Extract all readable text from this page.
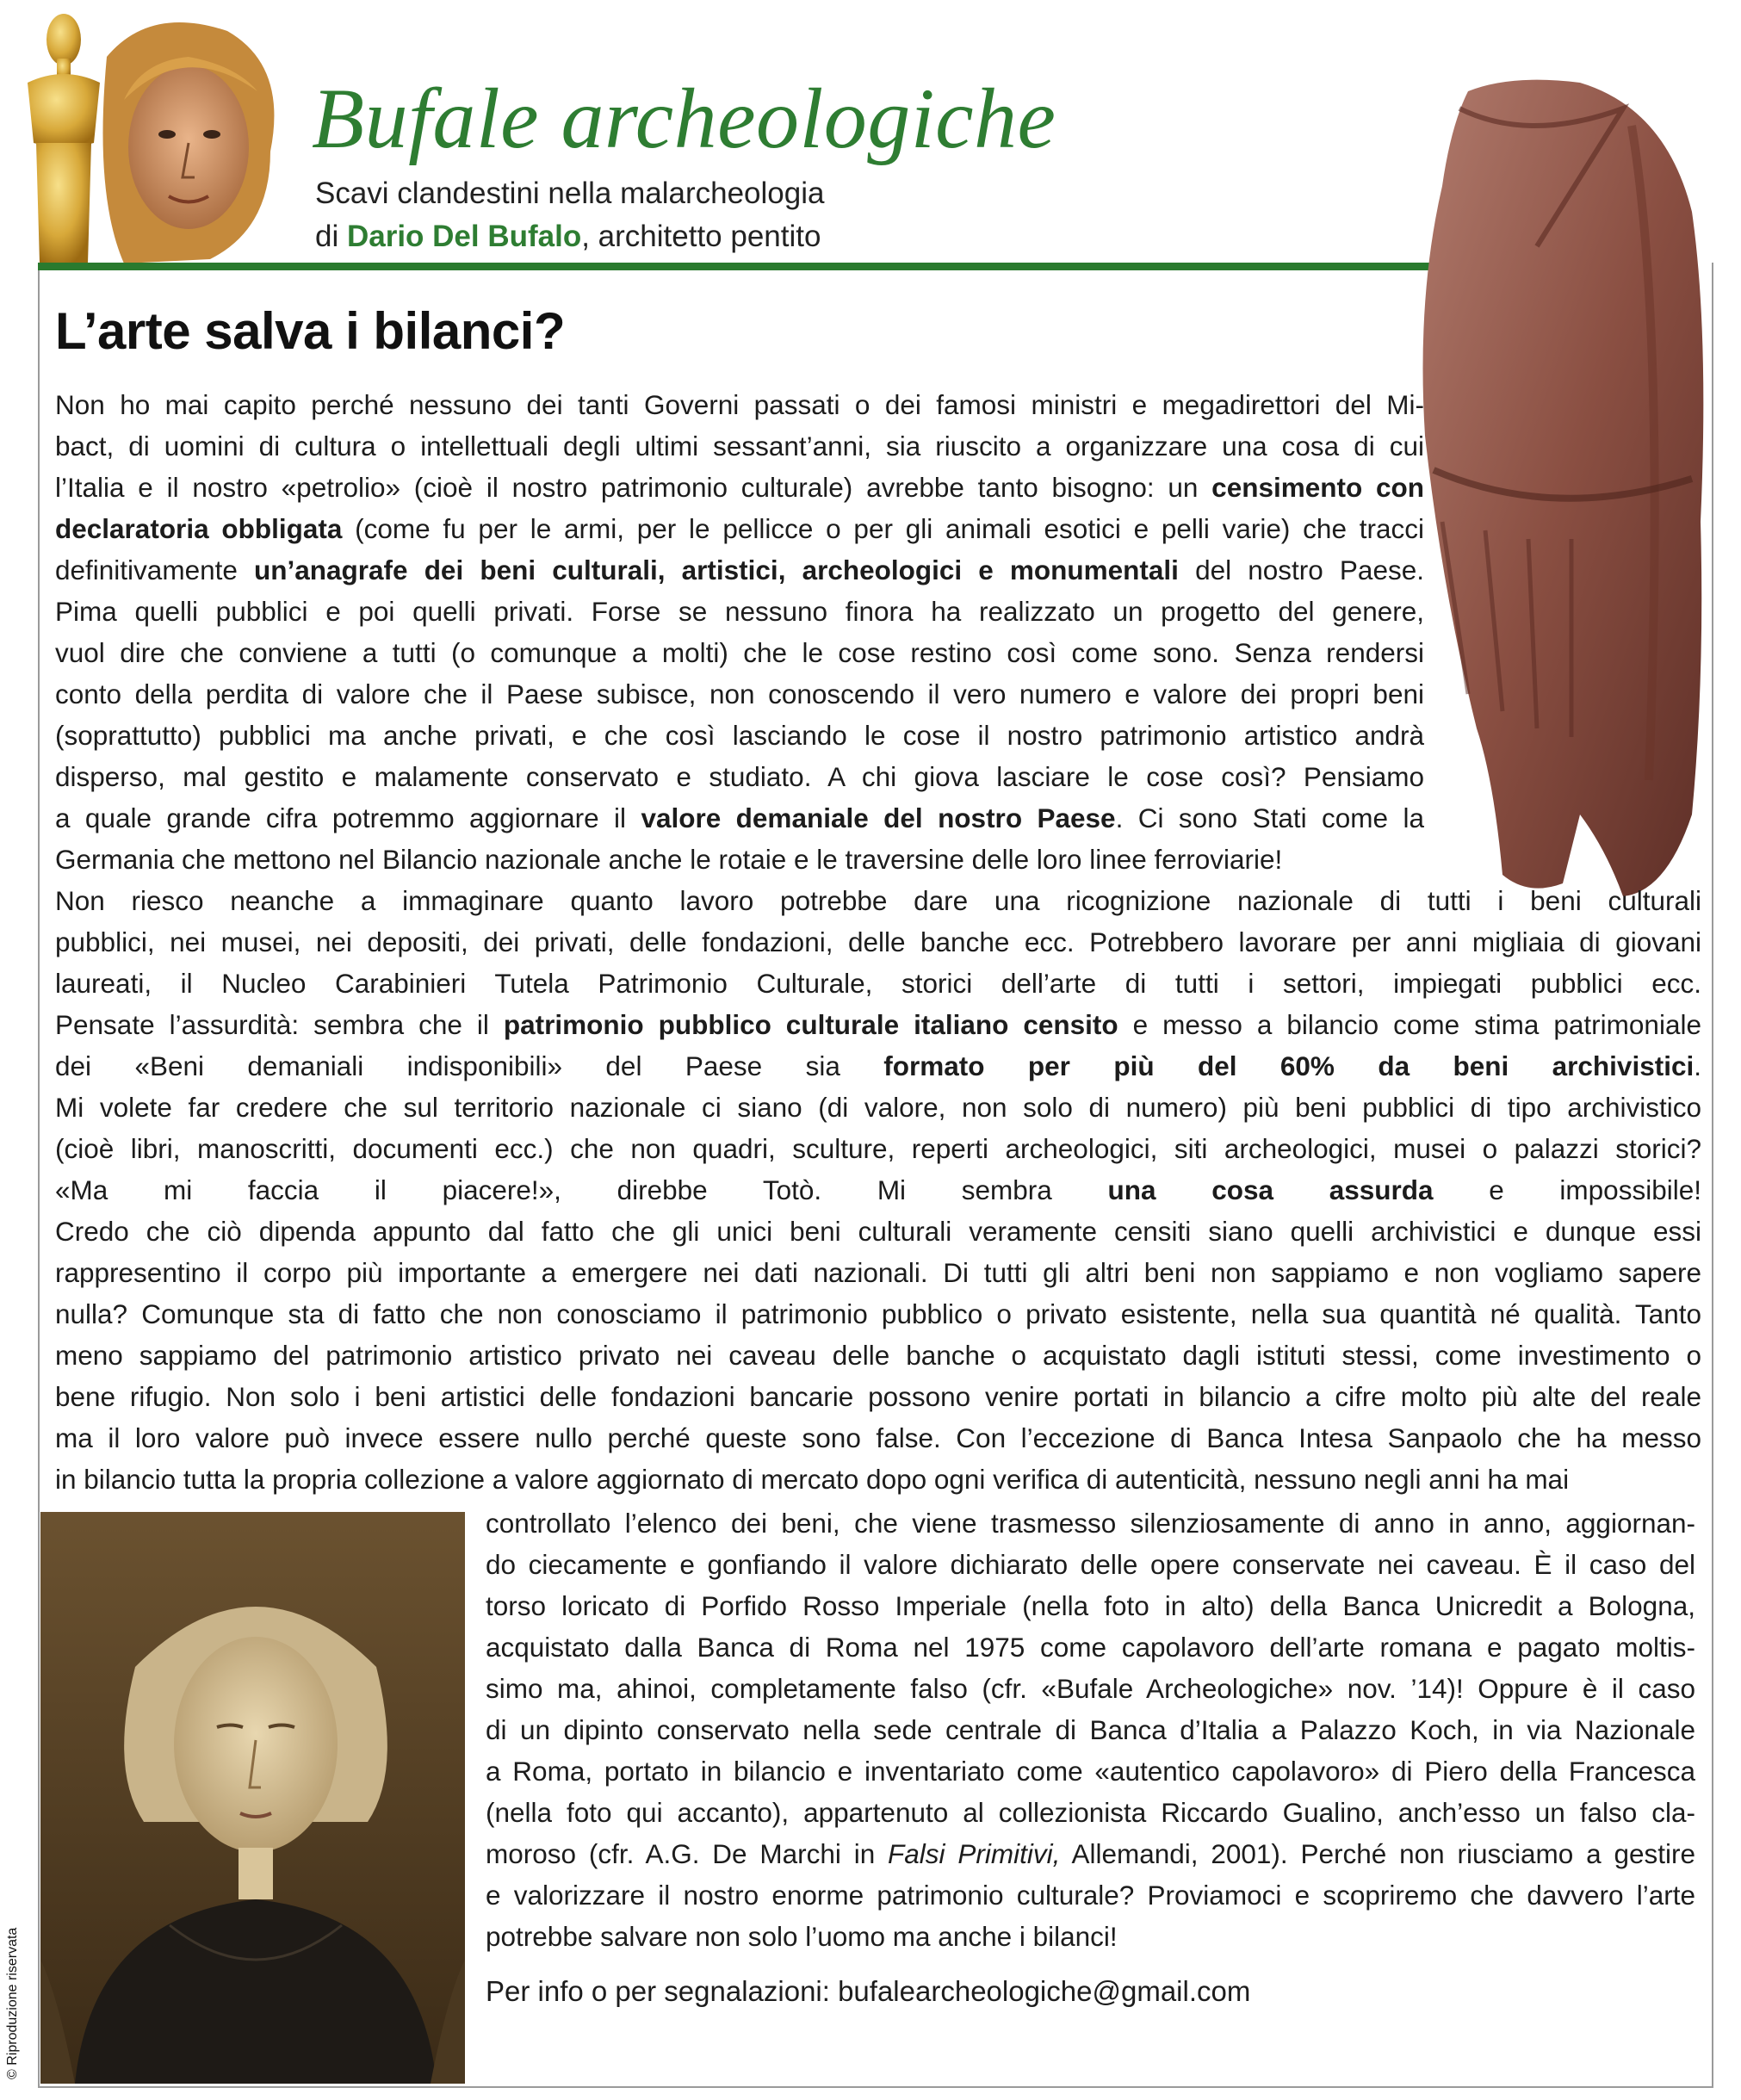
Bufale archeologiche
Scavi clandestini nella malarcheologia
di Dario Del Bufalo, architetto pentito
L’arte salva i bilanci?
Non ho mai capito perché nessuno dei tanti Governi passati o dei famosi ministri e megadirettori del Mi-
bact, di uomini di cultura o intellettuali degli ultimi sessant’anni, sia riuscito a organizzare una cosa di cui
l’Italia e il nostro «petrolio» (cioè il nostro patrimonio culturale) avrebbe tanto bisogno: un censimento con
declaratoria obbligata (come fu per le armi, per le pellicce o per gli animali esotici e pelli varie) che tracci
definitivamente un’anagrafe dei beni culturali, artistici, archeologici e monumentali del nostro Paese.
Pima quelli pubblici e poi quelli privati. Forse se nessuno finora ha realizzato un progetto del genere,
vuol dire che conviene a tutti (o comunque a molti) che le cose restino così come sono. Senza rendersi
conto della perdita di valore che il Paese subisce, non conoscendo il vero numero e valore dei propri beni
(soprattutto) pubblici ma anche privati, e che così lasciando le cose il nostro patrimonio artistico andrà
disperso, mal gestito e malamente conservato e studiato. A chi giova lasciare le cose così? Pensiamo
a quale grande cifra potremmo aggiornare il valore demaniale del nostro Paese. Ci sono Stati come la
Germania che mettono nel Bilancio nazionale anche le rotaie e le traversine delle loro linee ferroviarie!
Non riesco neanche a immaginare quanto lavoro potrebbe dare una ricognizione nazionale di tutti i beni culturali
pubblici, nei musei, nei depositi, dei privati, delle fondazioni, delle banche ecc. Potrebbero lavorare per anni migliaia di giovani
laureati, il Nucleo Carabinieri Tutela Patrimonio Culturale, storici dell’arte di tutti i settori, impiegati pubblici ecc.
Pensate l’assurdità: sembra che il patrimonio pubblico culturale italiano censito e messo a bilancio come stima patrimoniale
dei «Beni demaniali indisponibili» del Paese sia formato per più del 60% da beni archivistici.
Mi volete far credere che sul territorio nazionale ci siano (di valore, non solo di numero) più beni pubblici di tipo archivistico
(cioè libri, manoscritti, documenti ecc.) che non quadri, sculture, reperti archeologici, siti archeologici, musei o palazzi storici?
«Ma mi faccia il piacere!», direbbe Totò. Mi sembra una cosa assurda e impossibile!
Credo che ciò dipenda appunto dal fatto che gli unici beni culturali veramente censiti siano quelli archivistici e dunque essi
rappresentino il corpo più importante a emergere nei dati nazionali. Di tutti gli altri beni non sappiamo e non vogliamo sapere
nulla? Comunque sta di fatto che non conosciamo il patrimonio pubblico o privato esistente, nella sua quantità né qualità. Tanto
meno sappiamo del patrimonio artistico privato nei caveau delle banche o acquistato dagli istituti stessi, come investimento o
bene rifugio. Non solo i beni artistici delle fondazioni bancarie possono venire portati in bilancio a cifre molto più alte del reale
ma il loro valore può invece essere nullo perché queste sono false. Con l’eccezione di Banca Intesa Sanpaolo che ha messo
in bilancio tutta la propria collezione a valore aggiornato di mercato dopo ogni verifica di autenticità, nessuno negli anni ha mai
controllato l’elenco dei beni, che viene trasmesso silenziosamente di anno in anno, aggiornan-
do ciecamente e gonfiando il valore dichiarato delle opere conservate nei caveau. È il caso del
torso loricato di Porfido Rosso Imperiale (nella foto in alto) della Banca Unicredit a Bologna,
acquistato dalla Banca di Roma nel 1975 come capolavoro dell’arte romana e pagato moltis-
simo ma, ahinoi, completamente falso (cfr. «Bufale Archeologiche» nov. ’14)! Oppure è il caso
di un dipinto conservato nella sede centrale di Banca d’Italia a Palazzo Koch, in via Nazionale
a Roma, portato in bilancio e inventariato come «autentico capolavoro» di Piero della Francesca
(nella foto qui accanto), appartenuto al collezionista Riccardo Gualino, anch’esso un falso cla-
moroso (cfr. A.G. De Marchi in Falsi Primitivi, Allemandi, 2001). Perché non riusciamo a gestire
e valorizzare il nostro enorme patrimonio culturale? Proviamoci e scopriremo che davvero l’arte
potrebbe salvare non solo l’uomo ma anche i bilanci!
Per info o per segnalazioni: bufalearcheologiche@gmail.com
© Riproduzione riservata
